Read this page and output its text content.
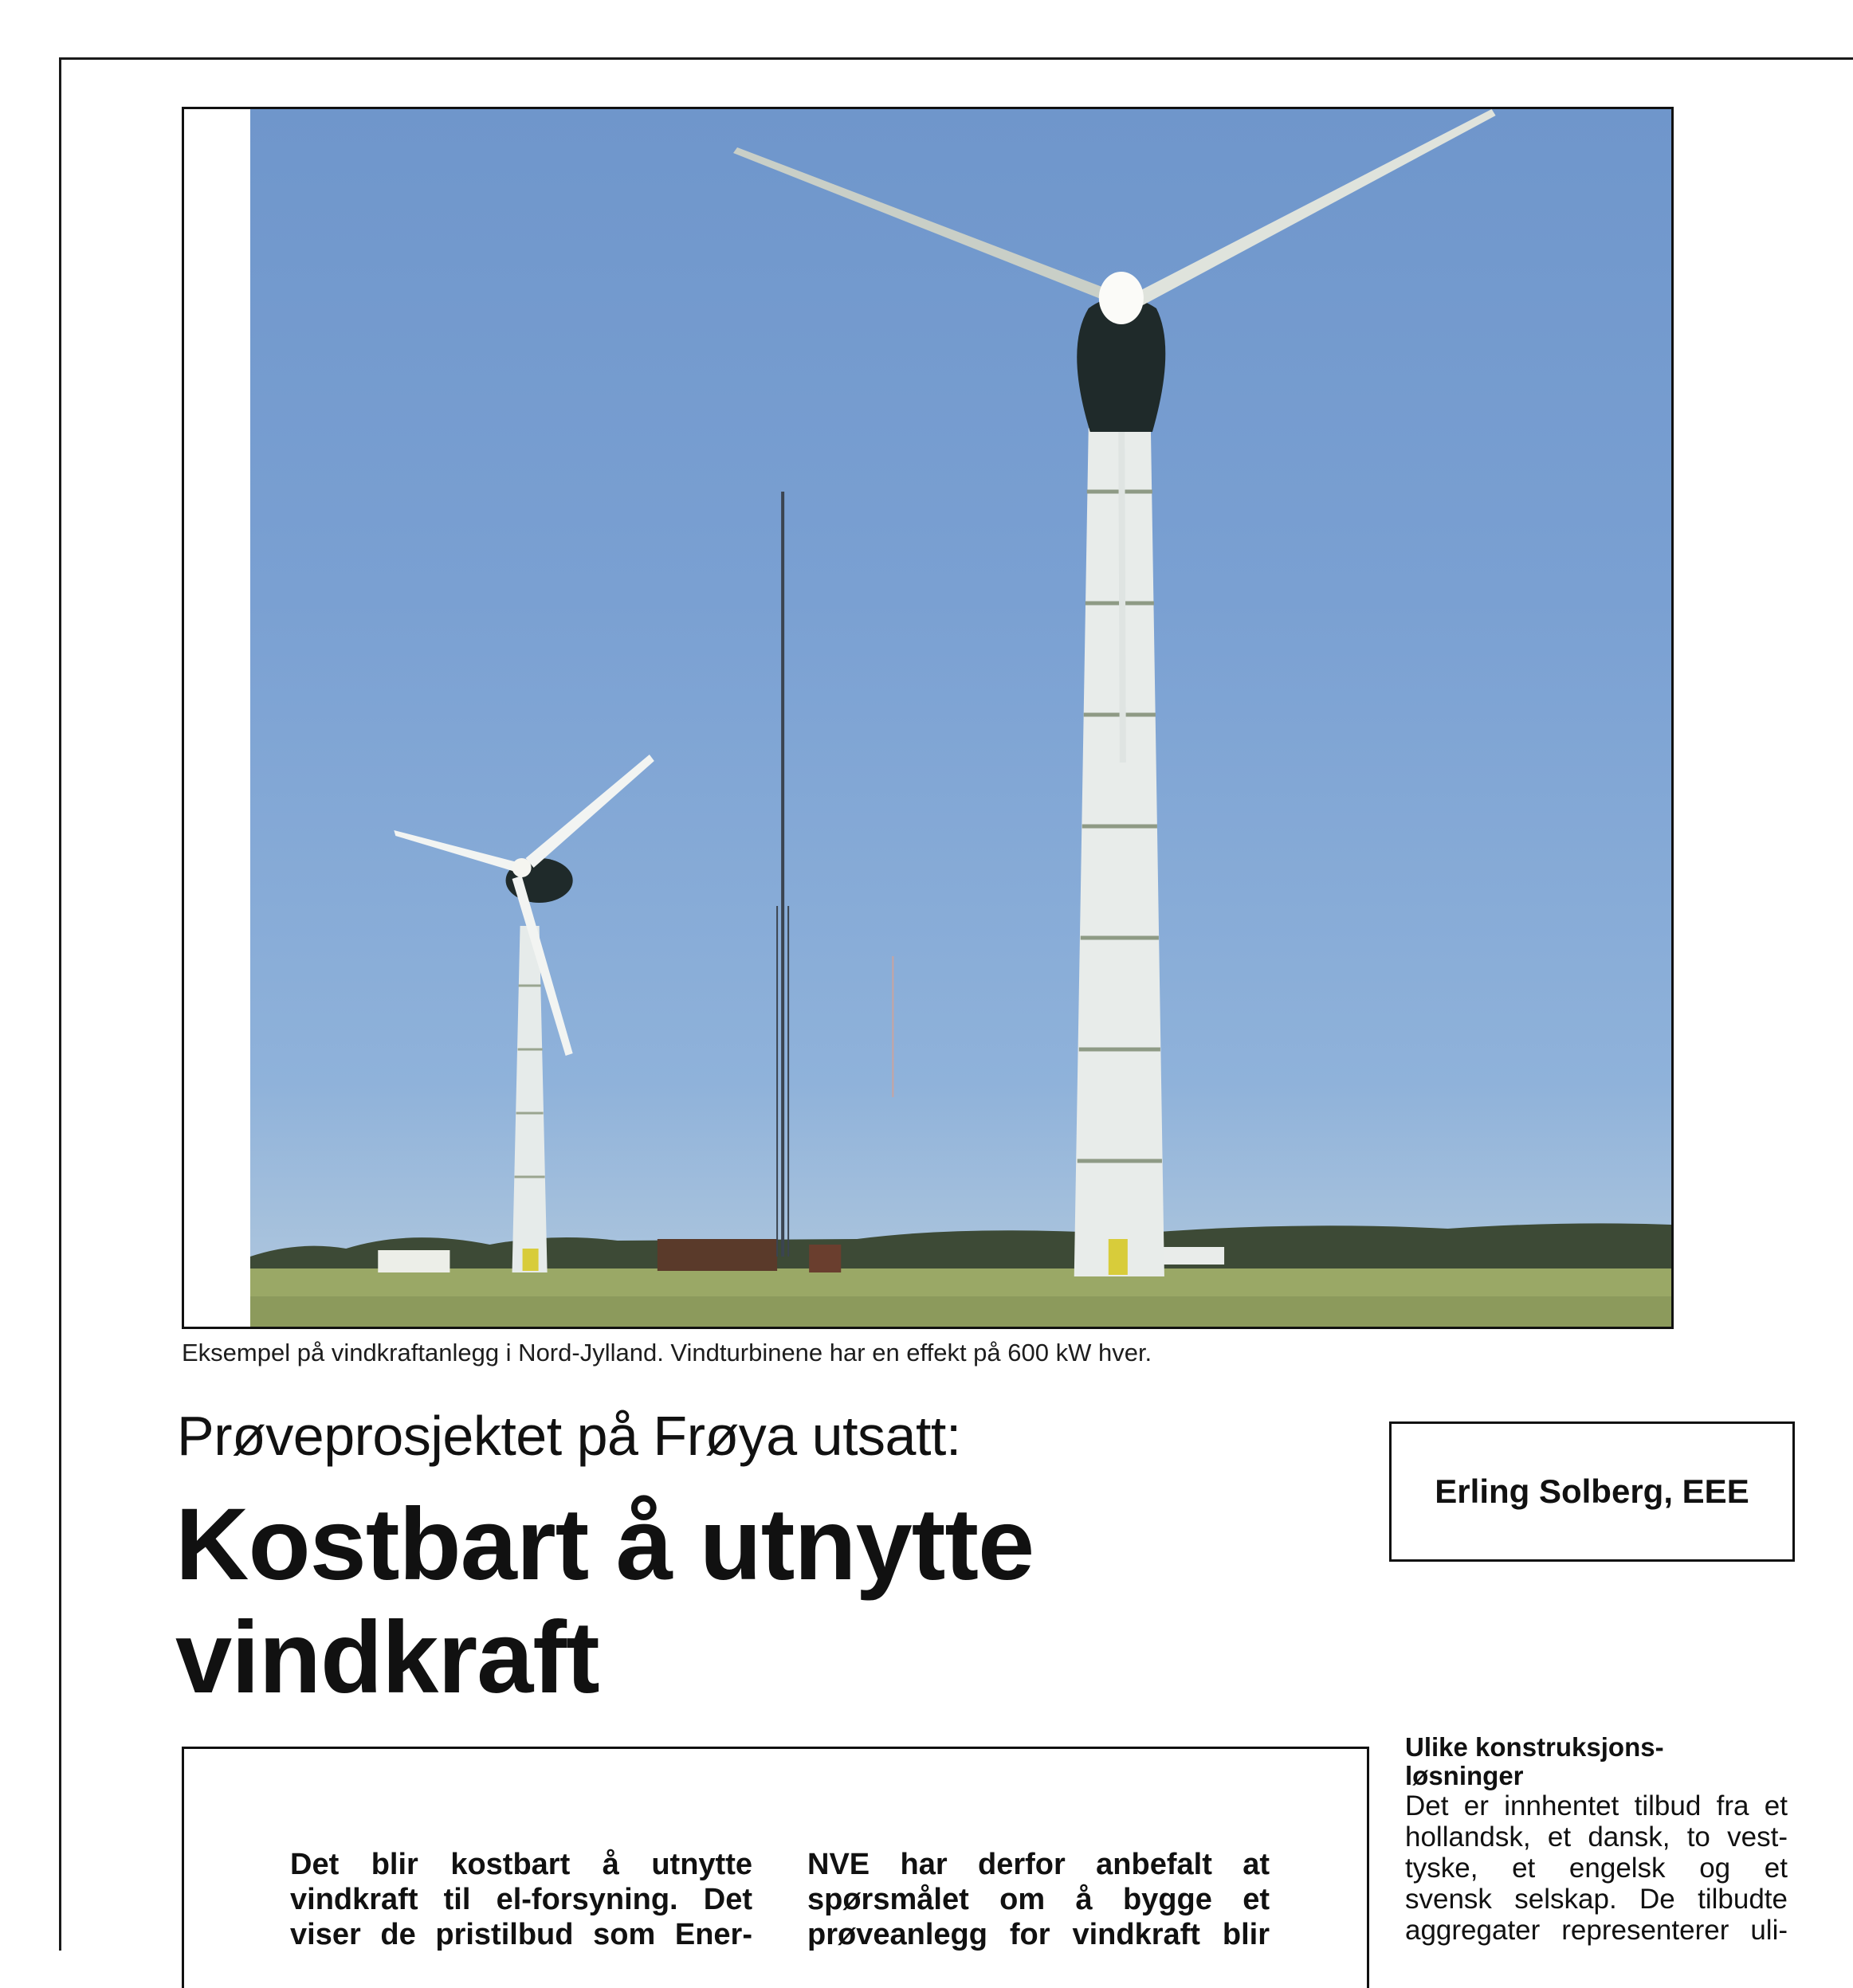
Eksempel på vindkraftanlegg i Nord-Jylland. Vindturbinene har en effekt på 600 kW hver.
Prøveprosjektet på Frøya utsatt:
Kostbart å utnytte
vindkraft
Erling Solberg, EEE
Det blir kostbart å utnytte
vindkraft til el-forsyning. Det
viser de pristilbud som Ener-
NVE har derfor anbefalt at
spørsmålet om å bygge et
prøveanlegg for vindkraft blir
Ulike konstruksjons-
løsninger
Det er innhentet tilbud fra et
hollandsk, et dansk, to vest-
tyske, et engelsk og et
svensk selskap. De tilbudte
aggregater representerer uli-
